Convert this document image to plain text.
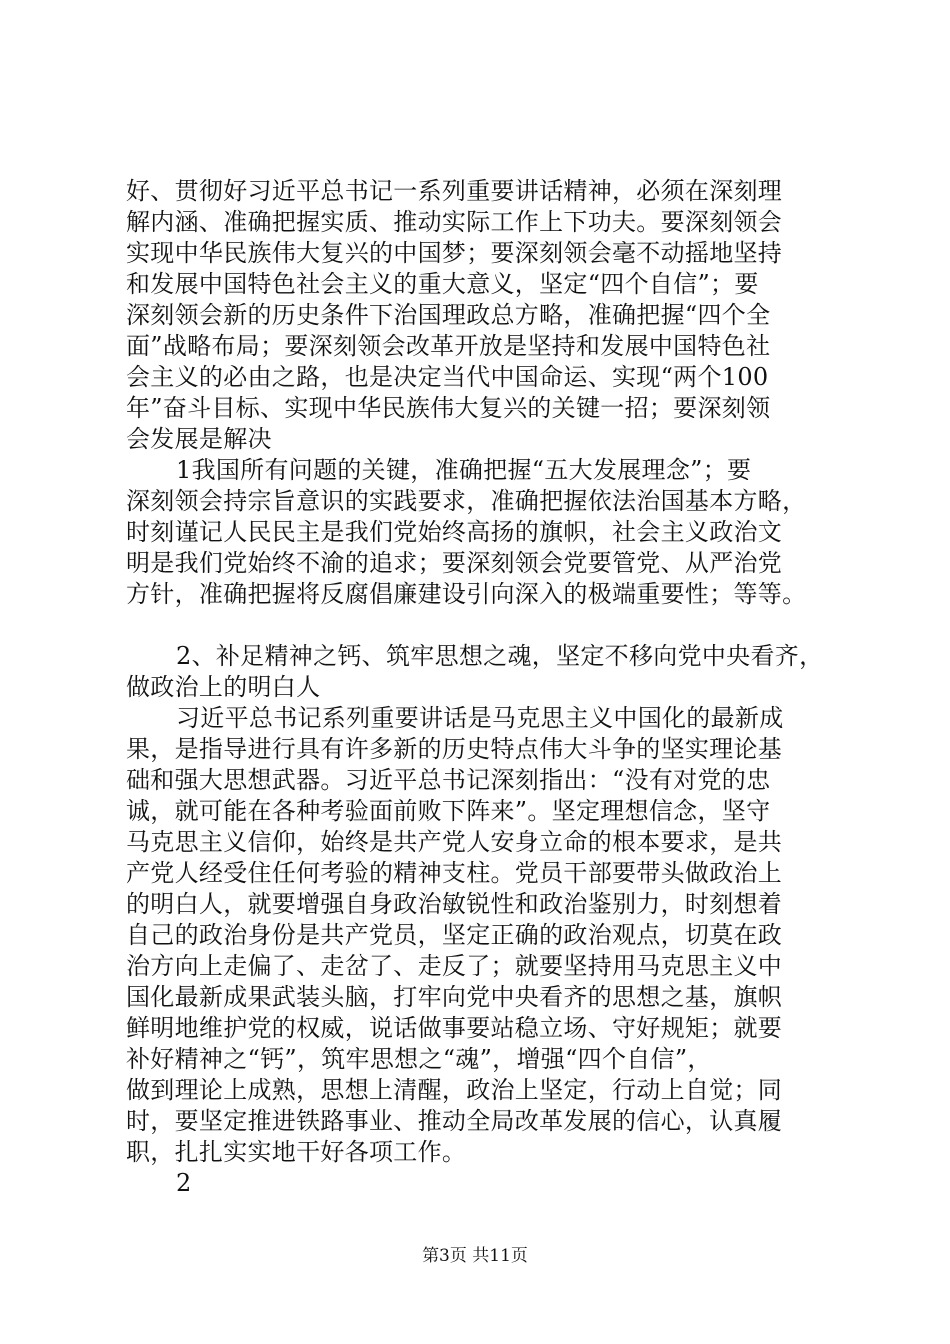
好、贯彻好习近平总书记一系列重要讲话精神，必须在深刻理
解内涵、准确把握实质、推动实际工作上下功夫。要深刻领会
实现中华民族伟大复兴的中国梦；要深刻领会毫不动摇地坚持
和发展中国特色社会主义的重大意义，坚定“四个自信”；要
深刻领会新的历史条件下治国理政总方略，准确把握“四个全
面”战略布局；要深刻领会改革开放是坚持和发展中国特色社
会主义的必由之路，也是决定当代中国命运、实现“两个100
年”奋斗目标、实现中华民族伟大复兴的关键一招；要深刻领
会发展是解决
1我国所有问题的关键，准确把握“五大发展理念”；要
深刻领会持宗旨意识的实践要求，准确把握依法治国基本方略，
时刻谨记人民民主是我们党始终高扬的旗帜，社会主义政治文
明是我们党始终不渝的追求；要深刻领会党要管党、从严治党
方针，准确把握将反腐倡廉建设引向深入的极端重要性；等等。
2、补足精神之钙、筑牢思想之魂，坚定不移向党中央看齐，
做政治上的明白人
习近平总书记系列重要讲话是马克思主义中国化的最新成
果，是指导进行具有许多新的历史特点伟大斗争的坚实理论基
础和强大思想武器。习近平总书记深刻指出：“没有对党的忠
诚，就可能在各种考验面前败下阵来”。坚定理想信念，坚守
马克思主义信仰，始终是共产党人安身立命的根本要求，是共
产党人经受住任何考验的精神支柱。党员干部要带头做政治上
的明白人，就要增强自身政治敏锐性和政治鉴别力，时刻想着
自己的政治身份是共产党员，坚定正确的政治观点，切莫在政
治方向上走偏了、走岔了、走反了；就要坚持用马克思主义中
国化最新成果武装头脑，打牢向党中央看齐的思想之基，旗帜
鲜明地维护党的权威，说话做事要站稳立场、守好规矩；就要
补好精神之“钙”，筑牢思想之“魂”，增强“四个自信”，
做到理论上成熟，思想上清醒，政治上坚定，行动上自觉；同
时，要坚定推进铁路事业、推动全局改革发展的信心，认真履
职，扎扎实实地干好各项工作。
2
第3页 共11页
